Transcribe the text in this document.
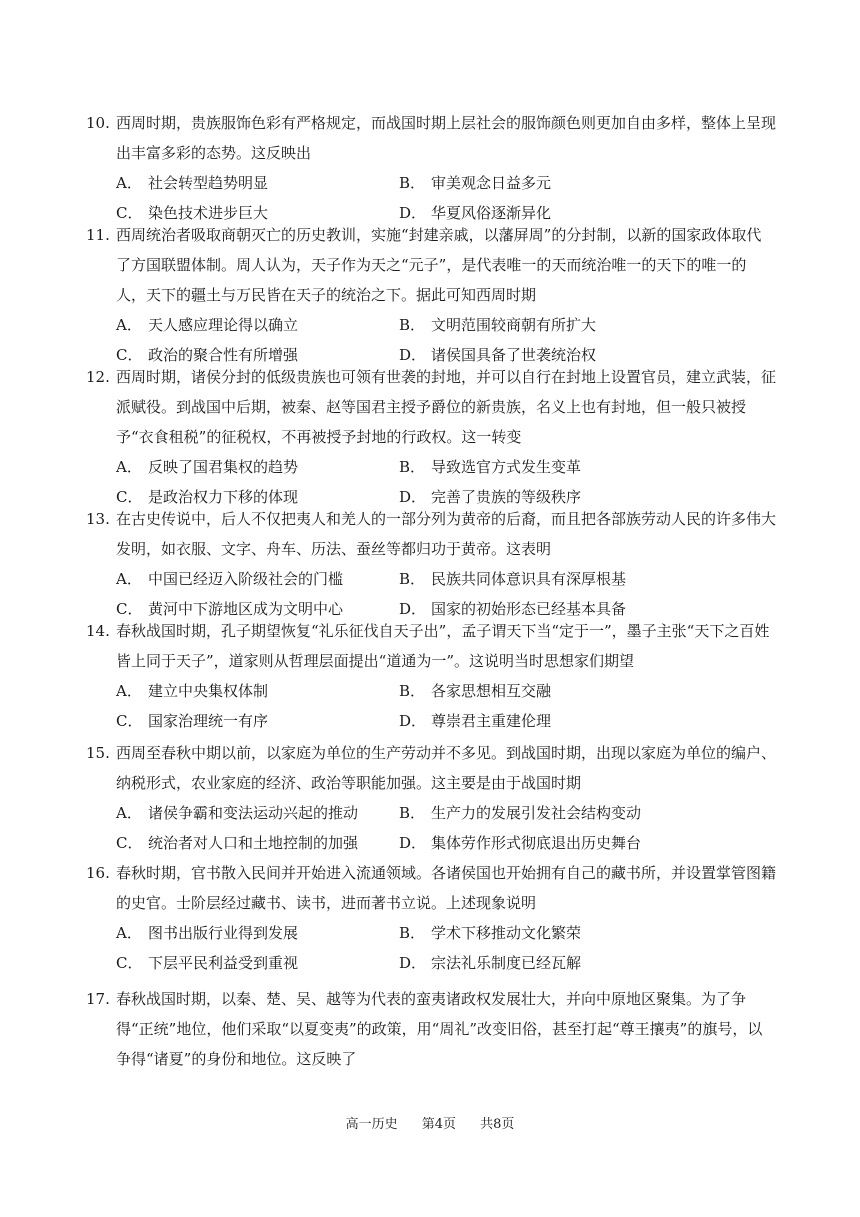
10. 西周时期，贵族服饰色彩有严格规定，而战国时期上层社会的服饰颜色则更加自由多样，整体上呈现出丰富多彩的态势。这反映出

A． 社会转型趋势明显	B． 审美观念日益多元
C． 染色技术进步巨大	D． 华夏风俗逐渐异化

11. 西周统治者吸取商朝灭亡的历史教训，实施“封建亲戚，以藩屏周”的分封制，以新的国家政体取代了方国联盟体制。周人认为，天子作为天之“元子”，是代表唯一的天而统治唯一的天下的唯一的人，天下的疆土与万民皆在天子的统治之下。据此可知西周时期

A． 天人感应理论得以确立	B． 文明范围较商朝有所扩大
C． 政治的聚合性有所增强	D． 诸侯国具备了世袭统治权

12. 西周时期，诸侯分封的低级贵族也可领有世袭的封地，并可以自行在封地上设置官员，建立武装，征派赋役。到战国中后期，被秦、赵等国君主授予爵位的新贵族，名义上也有封地，但一般只被授予“衣食租税”的征税权，不再被授予封地的行政权。这一转变

A． 反映了国君集权的趋势	B． 导致选官方式发生变革
C． 是政治权力下移的体现	D． 完善了贵族的等级秩序

13. 在古史传说中，后人不仅把夷人和羌人的一部分列为黄帝的后裔，而且把各部族劳动人民的许多伟大发明，如衣服、文字、舟车、历法、蚕丝等都归功于黄帝。这表明

A． 中国已经迈入阶级社会的门槛	B． 民族共同体意识具有深厚根基
C． 黄河中下游地区成为文明中心	D． 国家的初始形态已经基本具备

14. 春秋战国时期，孔子期望恢复“礼乐征伐自天子出”，孟子谓天下当“定于一”，墨子主张“天下之百姓皆上同于天子”，道家则从哲理层面提出“道通为一”。这说明当时思想家们期望

A． 建立中央集权体制	B． 各家思想相互交融
C． 国家治理统一有序	D． 尊崇君主重建伦理

15. 西周至春秋中期以前，以家庭为单位的生产劳动并不多见。到战国时期，出现以家庭为单位的编户、纳税形式，农业家庭的经济、政治等职能加强。这主要是由于战国时期

A． 诸侯争霸和变法运动兴起的推动	B． 生产力的发展引发社会结构变动
C． 统治者对人口和土地控制的加强	D． 集体劳作形式彻底退出历史舞台

16. 春秋时期，官书散入民间并开始进入流通领域。各诸侯国也开始拥有自己的藏书所，并设置掌管图籍的史官。士阶层经过藏书、读书，进而著书立说。上述现象说明

A． 图书出版行业得到发展	B． 学术下移推动文化繁荣
C． 下层平民利益受到重视	D． 宗法礼乐制度已经瓦解

17. 春秋战国时期，以秦、楚、吴、越等为代表的蛮夷诸政权发展壮大，并向中原地区聚集。为了争得“正统”地位，他们采取“以夏变夷”的政策，用“周礼”改变旧俗，甚至打起“尊王攘夷”的旗号，以争得“诸夏”的身份和地位。这反映了

高一历史 第4页 共8页
